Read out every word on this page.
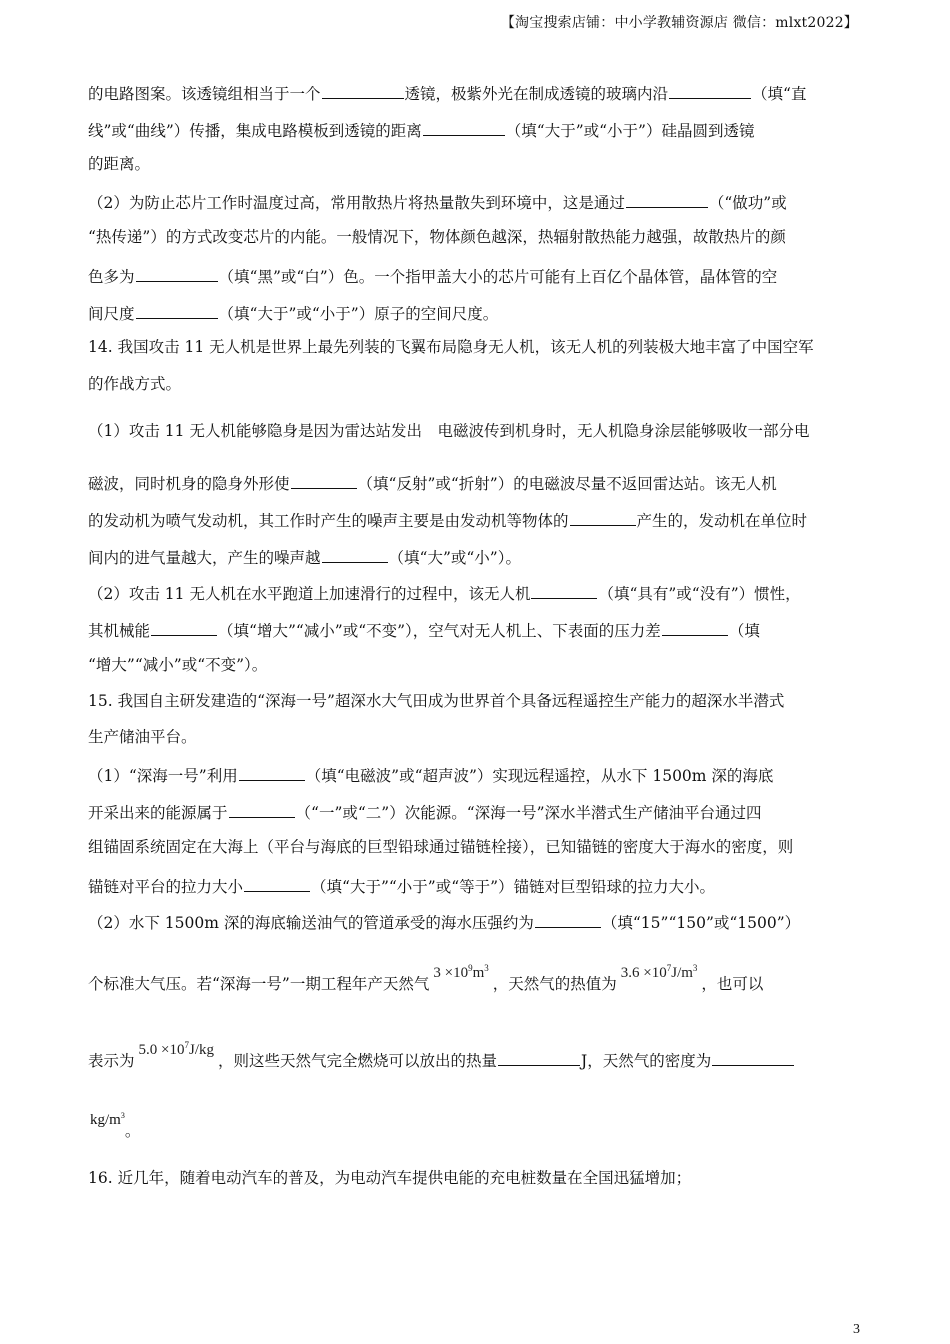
【淘宝搜索店铺：中小学教辅资源店 微信：mlxt2022】
的电路图案。该透镜组相当于一个	透镜，极紫外光在制成透镜的玻璃内沿	（填“直
线”或“曲线”）传播，集成电路模板到透镜的距离	（填“大于”或“小于”）硅晶圆到透镜
的距离。
（2）为防止芯片工作时温度过高，常用散热片将热量散失到环境中，这是通过	（“做功”或
“热传递”）的方式改变芯片的内能。一般情况下，物体颜色越深，热辐射散热能力越强，故散热片的颜
色多为	（填“黑”或“白”）色。一个指甲盖大小的芯片可能有上百亿个晶体管，晶体管的空
间尺度	（填“大于”或“小于”）原子的空间尺度。
14. 我国攻击 11 无人机是世界上最先列装的飞翼布局隐身无人机，该无人机的列装极大地丰富了中国空军
的作战方式。
（1）攻击 11 无人机能够隐身是因为雷达站发出　电磁波传到机身时，无人机隐身涂层能够吸收一部分电
磁波，同时机身的隐身外形使	（填“反射”或“折射”）的电磁波尽量不返回雷达站。该无人机
的发动机为喷气发动机，其工作时产生的噪声主要是由发动机等物体的	产生的，发动机在单位时
间内的进气量越大，产生的噪声越	（填“大”或“小”）。
（2）攻击 11 无人机在水平跑道上加速滑行的过程中，该无人机	（填“具有”或“没有”）惯性，
其机械能	（填“增大”“减小”或“不变”），空气对无人机上、下表面的压力差	（填
“增大”“减小”或“不变”）。
15. 我国自主研发建造的“深海一号”超深水大气田成为世界首个具备远程遥控生产能力的超深水半潜式
生产储油平台。
（1）“深海一号”利用	（填“电磁波”或“超声波”）实现远程遥控，从水下 1500m 深的海底
开采出来的能源属于	（“一”或“二”）次能源。“深海一号”深水半潜式生产储油平台通过四
组锚固系统固定在大海上（平台与海底的巨型铅球通过锚链栓接），已知锚链的密度大于海水的密度，则
锚链对平台的拉力大小	（填“大于”“小于”或“等于”）锚链对巨型铅球的拉力大小。
（2）水下 1500m 深的海底输送油气的管道承受的海水压强约为	（填“15”“150”或“1500”）
个标准大气压。若“深海一号”一期工程年产天然气$3 \times 10^9m^3$，天然气的热值为$3.6 \times 10^7J/m^3$，也可以
表示为$5.0 \times 10^7J/kg$，则这些天然气完全燃烧可以放出的热量	J，天然气的密度为
$kg/m^3$。
16. 近几年，随着电动汽车的普及，为电动汽车提供电能的充电桩数量在全国迅猛增加；
3
